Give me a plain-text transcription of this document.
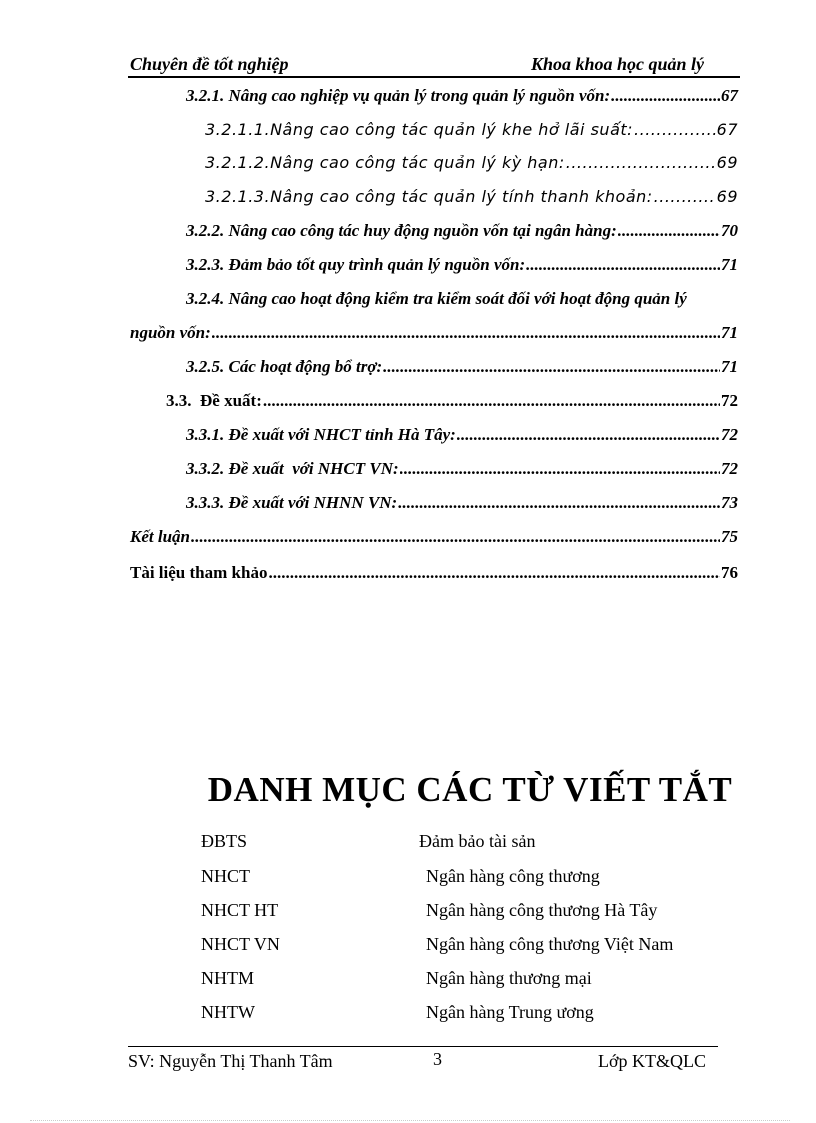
Chuyên đề tốt nghiệp	Khoa khoa học quản lý
3.2.1. Nâng cao nghiệp vụ quản lý trong quản lý nguồn vốn: .....	67
3.2.1.1.Nâng cao công tác quản lý khe hở lãi suất: .....	67
3.2.1.2.Nâng cao công tác quản lý kỳ hạn: .....	69
3.2.1.3.Nâng cao công tác quản lý tính thanh khoản: .....	69
3.2.2. Nâng cao công tác huy động nguồn vốn tại ngân hàng: .....	70
3.2.3. Đảm bảo tốt quy trình quản lý nguồn vốn: .....	71
3.2.4. Nâng cao hoạt động kiểm tra kiểm soát đối với hoạt động quản lý
nguồn vốn: .....	71
3.2.5. Các hoạt động bổ trợ: .....	71
3.3.  Đề xuất: .....	72
3.3.1. Đề xuất với NHCT tỉnh Hà Tây: .....	72
3.3.2. Đề xuất  với NHCT VN: .....	72
3.3.3. Đề xuất với NHNN VN: .....	73
Kết luận .....	75
Tài liệu tham khảo .....	76
DANH MỤC CÁC TỪ VIẾT TẮT
ĐBTS	Đảm bảo tài sản
NHCT	Ngân hàng công thương
NHCT HT	Ngân hàng công thương Hà Tây
NHCT VN	Ngân hàng công thương Việt Nam
NHTM	Ngân hàng thương mại
NHTW	Ngân hàng Trung ương
SV: Nguyễn Thị Thanh Tâm	3	Lớp KT&QLC
